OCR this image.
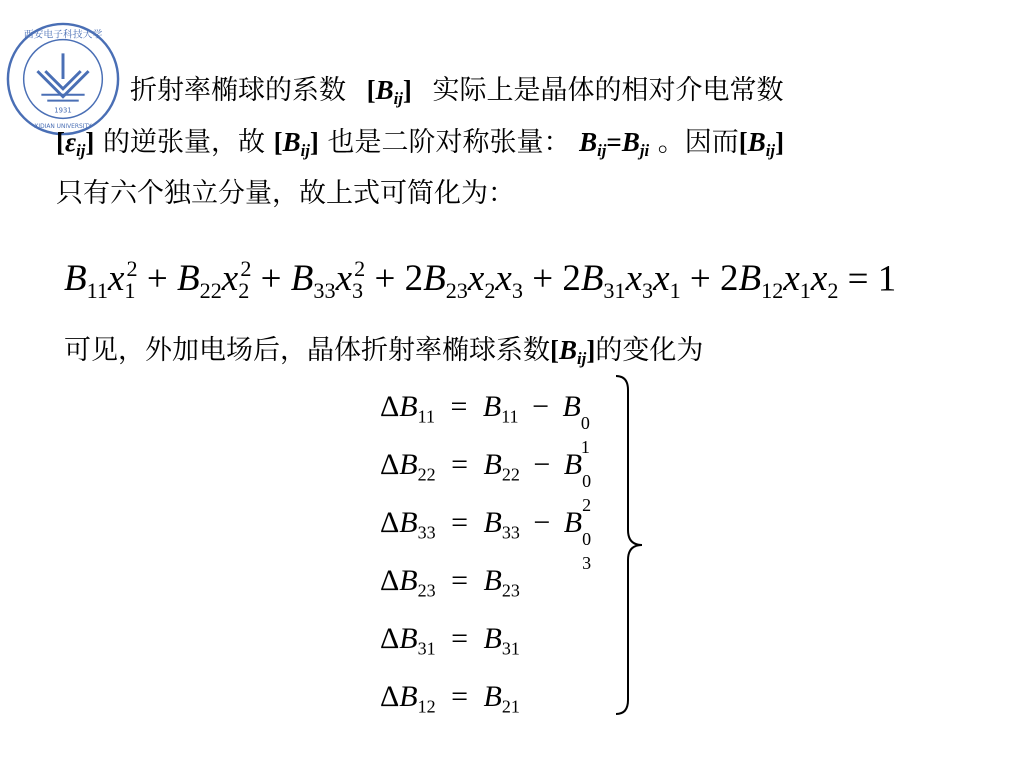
西安电子科技大学
XIDIAN UNIVERSITY
1931
折射率椭球的系数 $[B_{ij}]$ 实际上是晶体的相对介电常数
$[\varepsilon_{ij}]$ 的逆张量，故 $[B_{ij}]$ 也是二阶对称张量： $B_{ij}=B_{ji}$ 。因而$[B_{ij}]$
只有六个独立分量，故上式可简化为：
$B_{11}x_1^2 + B_{22}x_2^2 + B_{33}x_3^2 + 2B_{23}x_2x_3 + 2B_{31}x_3x_1 + 2B_{12}x_1x_2 = 1$
可见，外加电场后，晶体折射率椭球系数$[B_{ij}]$的变化为
$\Delta B_{11} = B_{11} - B$ 0
1
$\Delta B_{22} = B_{22} - B$ 0
2
$\Delta B_{33} = B_{33} - B$ 0
3
$\Delta B_{23} = B_{23}$
$\Delta B_{31} = B_{31}$
$\Delta B_{12} = B_{21}$
